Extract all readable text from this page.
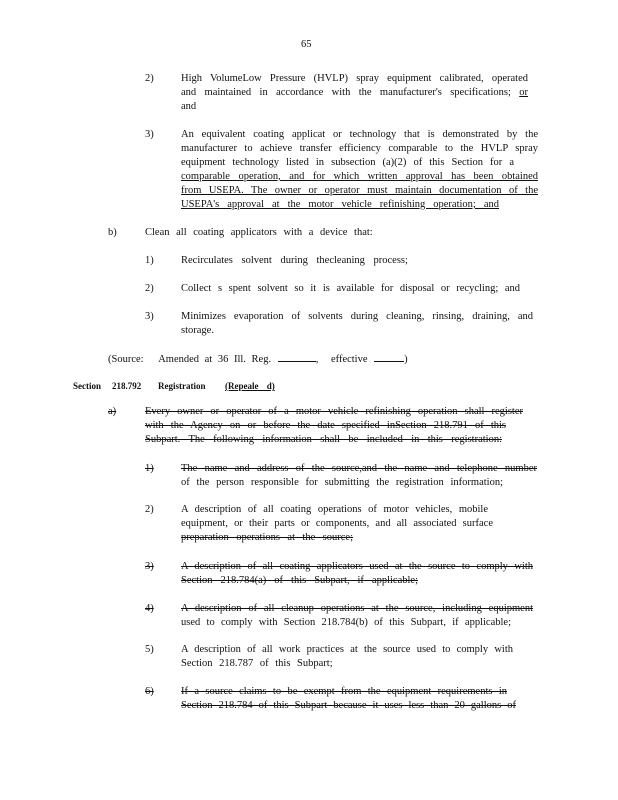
65
2)	High VolumeLow Pressure (HVLP) spray equipment calibrated, operated
and maintained in accordance with the manufacturer's specifications; or
and
3)	An equivalent coating applicat or technology that is demonstrated by the
manufacturer to achieve transfer efficiency comparable to the HVLP spray
equipment technology listed in subsection (a)(2) of this Section for a
comparable operation, and for which written approval has been obtained
from USEPA. The owner or operator must maintain documentation of the
USEPA's approval at the motor vehicle refinishing operation; and
b)	Clean all coating applicators with a device that:
1)	Recirculates solvent during thecleaning process;
2)	Collect s spent solvent so it is available for disposal or recycling; and
3)	Minimizes evaporation of solvents during cleaning, rinsing, draining, and
storage.
(Source: Amended at 36 Ill. Reg.	, effective	)
Section 218.792 Registration (Repeale d)
a)	Every owner or operator of a motor vehicle refinishing operation shall register
with the Agency on or before the date specified inSection 218.791 of this
Subpart. The following information shall be included in this registration:
1)	The name and address of the source,and the name and telephone number
of the person responsible for submitting the registration information;
2)	A description of all coating operations of motor vehicles, mobile
equipment, or their parts or components, and all associated surface
preparation operations at the source;
3)	A description of all coating applicators used at the source to comply with
Section 218.784(a) of this Subpart, if applicable;
4)	A description of all cleanup operations at the source, including equipment
used to comply with Section 218.784(b) of this Subpart, if applicable;
5)	A description of all work practices at the source used to comply with
Section 218.787 of this Subpart;
6)	If a source claims to be exempt from the equipment requirements in
Section 218.784 of this Subpart because it uses less than 20 gallons of
